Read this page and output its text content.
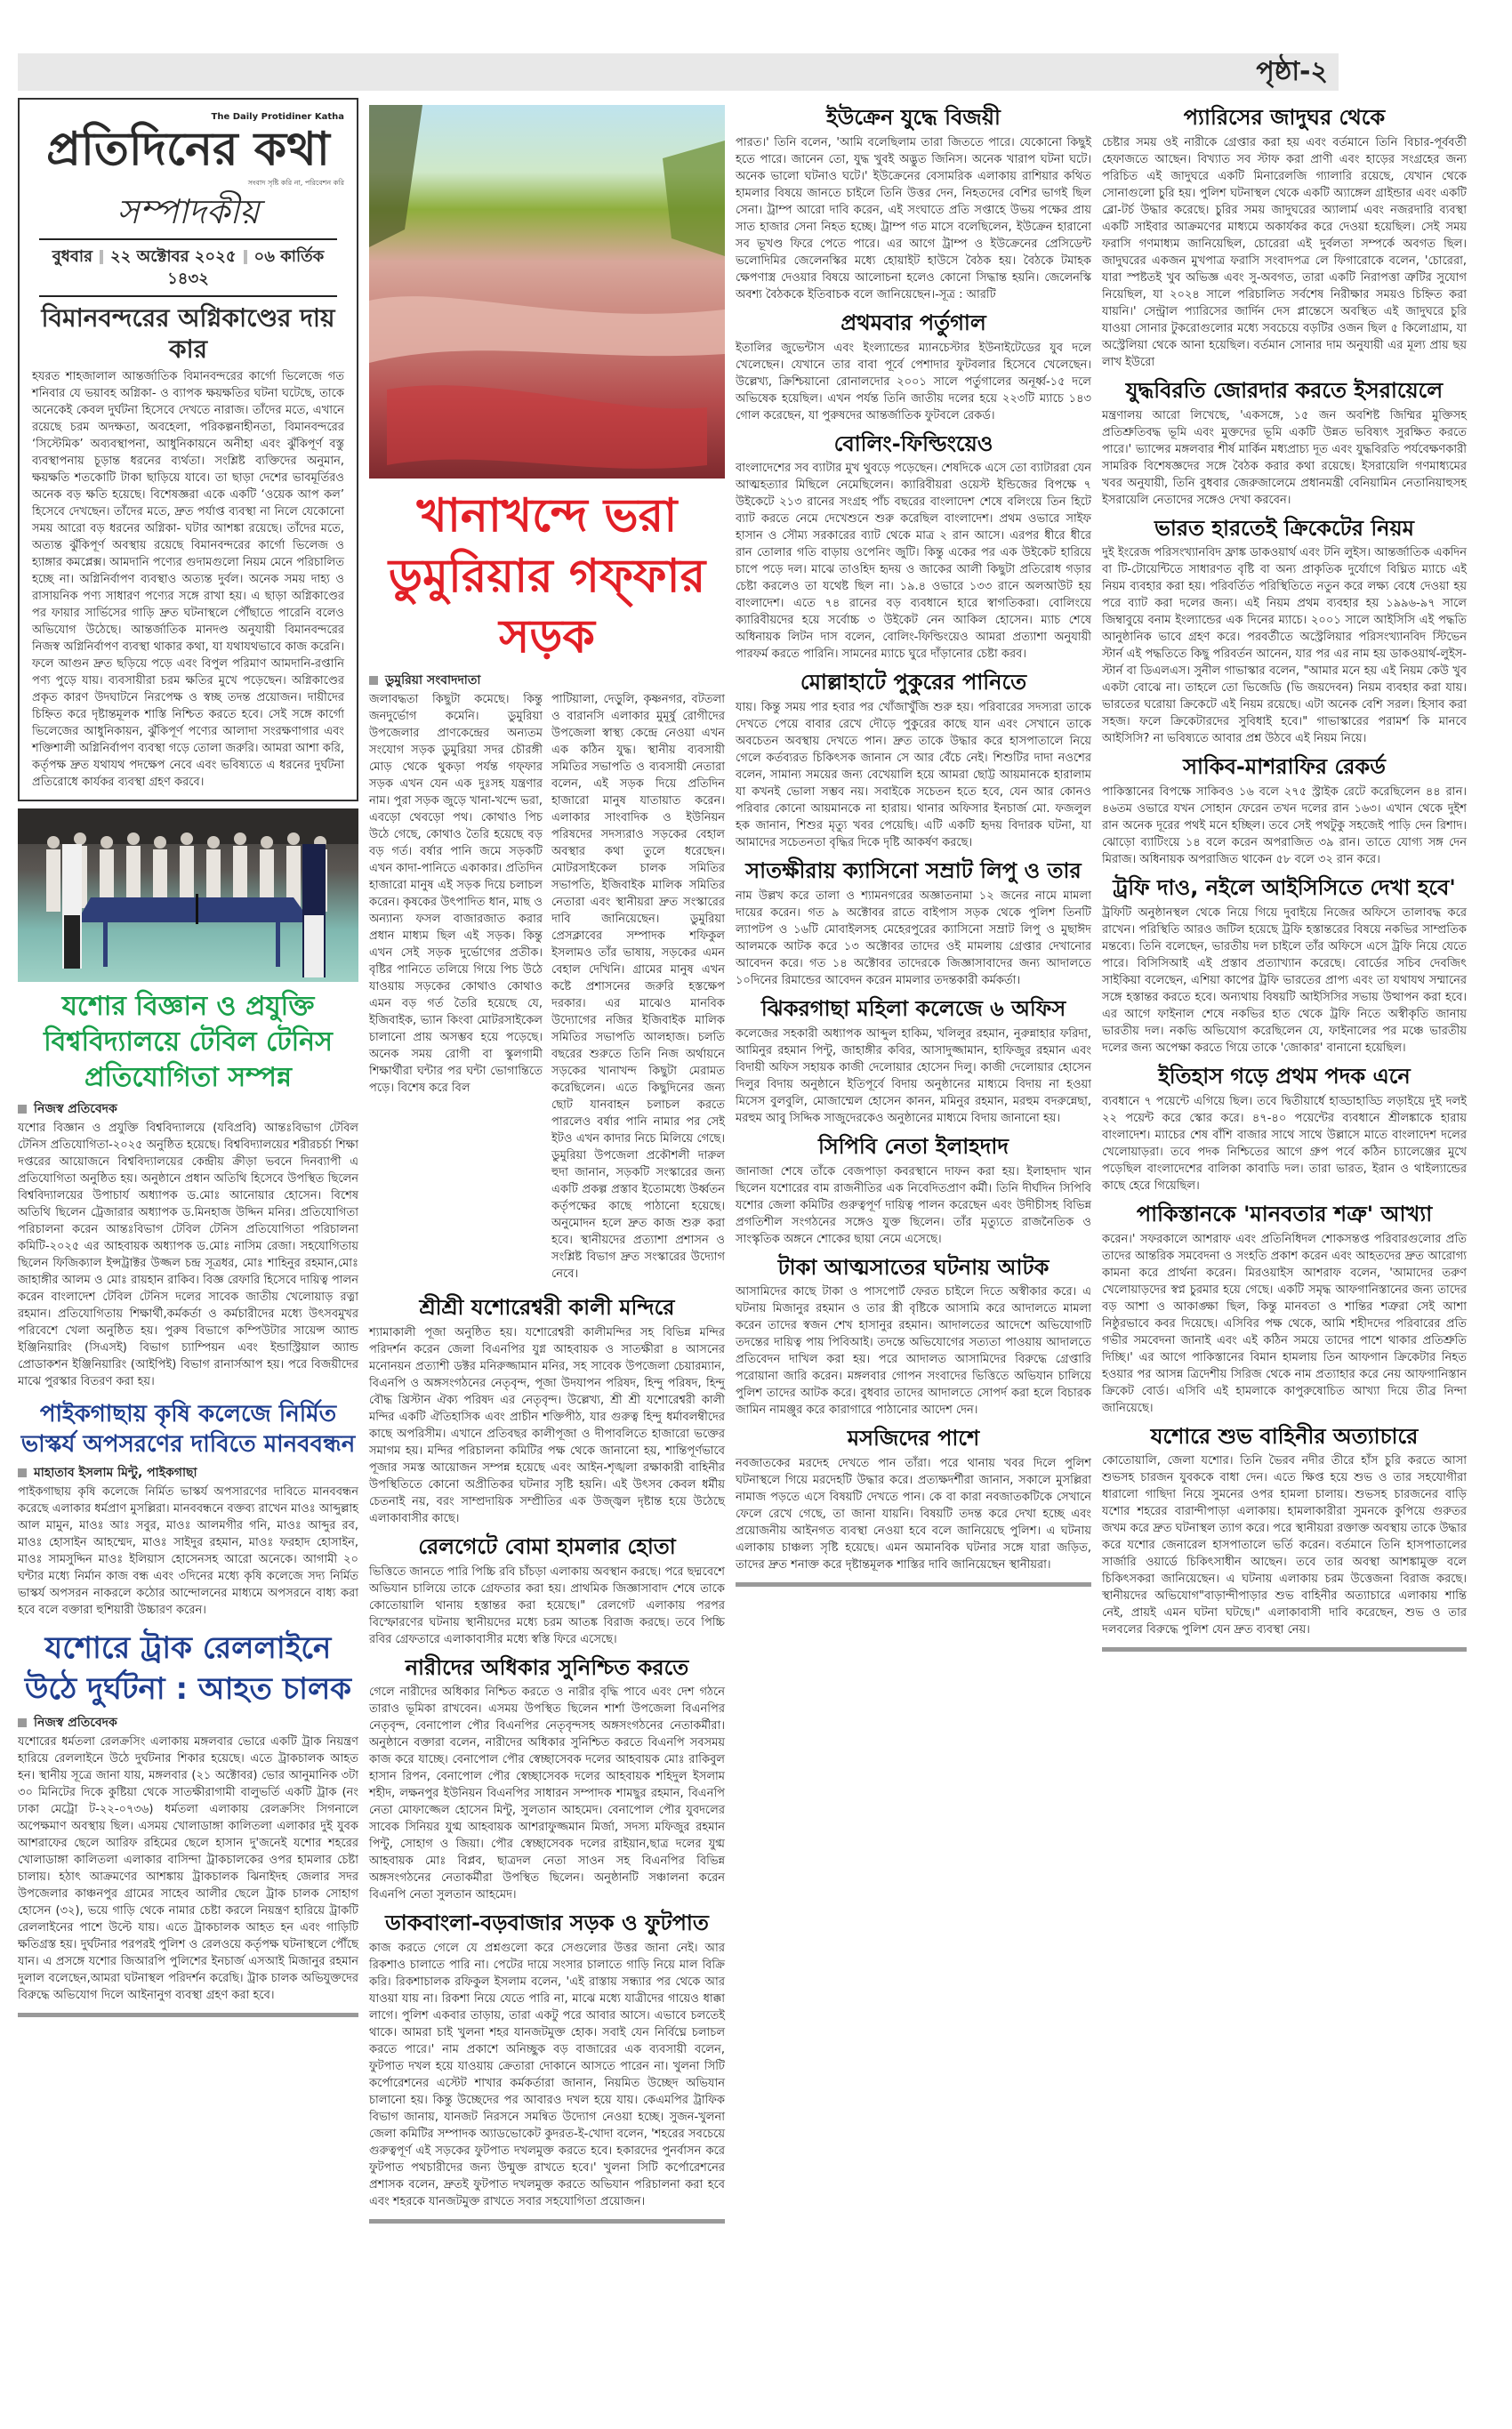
পৃষ্ঠা-২
The Daily Protidiner Katha
প্রতিদিনের কথা
সংবাদ সৃষ্টি করি না, পরিবেশন করি
সম্পাদকীয়
বুধবার ২২ অক্টোবর ২০২৫ ০৬ কার্তিক ১৪৩২
বিমানবন্দরের অগ্নিকাণ্ডের দায় কার
হযরত শাহজালাল আন্তর্জাতিক বিমানবন্দরের কার্গো ভিলেজে গত শনিবার যে ভয়াবহ অগ্নিকা- ও ব্যাপক ক্ষয়ক্ষতির ঘটনা ঘটেছে, তাকে অনেকেই কেবল দুর্ঘটনা হিসেবে দেখতে নারাজ। তাঁদের মতে, এখানে রয়েছে চরম অদক্ষতা, অবহেলা, পরিকল্পনাহীনতা, বিমানবন্দরের ‘সিস্টেমিক’ অব্যবস্থাপনা, আধুনিকায়নে অনীহা এবং ঝুঁকিপূর্ণ বস্তু ব্যবস্থাপনায় চূড়ান্ত ধরনের ব্যর্থতা। সংশ্লিষ্ট ব্যক্তিদের অনুমান, ক্ষয়ক্ষতি শতকোটি টাকা ছাড়িয়ে যাবে। তা ছাড়া দেশের ভাবমূর্তিরও অনেক বড় ক্ষতি হয়েছে। বিশেষজ্ঞরা একে একটি ‘ওয়েক আপ কল’ হিসেবে দেখছেন। তাঁদের মতে, দ্রুত পর্যাপ্ত ব্যবস্থা না নিলে যেকোনো সময় আরো বড় ধরনের অগ্নিকা- ঘটার আশঙ্কা রয়েছে। তাঁদের মতে, অত্যন্ত ঝুঁকিপূর্ণ অবস্থায় রয়েছে বিমানবন্দরের কার্গো ভিলেজ ও হ্যাঙ্গার কমপ্লেক্স। আমদানি পণ্যের গুদামগুলো নিয়ম মেনে পরিচালিত হচ্ছে না। অগ্নিনির্বাপণ ব্যবস্থাও অত্যন্ত দুর্বল। অনেক সময় দাহ্য ও রাসায়নিক পণ্য সাধারণ পণ্যের সঙ্গে রাখা হয়। এ ছাড়া অগ্নিকাণ্ডের পর ফায়ার সার্ভিসের গাড়ি দ্রুত ঘটনাস্থলে পৌঁছাতে পারেনি বলেও অভিযোগ উঠেছে। আন্তর্জাতিক মানদণ্ড অনুযায়ী বিমানবন্দরের নিজস্ব অগ্নিনির্বাপণ ব্যবস্থা থাকার কথা, যা যথাযথভাবে কাজ করেনি। ফলে আগুন দ্রুত ছড়িয়ে পড়ে এবং বিপুল পরিমাণ আমদানি-রপ্তানি পণ্য পুড়ে যায়। ব্যবসায়ীরা চরম ক্ষতির মুখে পড়েছেন। অগ্নিকাণ্ডের প্রকৃত কারণ উদঘাটনে নিরপেক্ষ ও স্বচ্ছ তদন্ত প্রয়োজন। দায়ীদের চিহ্নিত করে দৃষ্টান্তমূলক শাস্তি নিশ্চিত করতে হবে। সেই সঙ্গে কার্গো ভিলেজের আধুনিকায়ন, ঝুঁকিপূর্ণ পণ্যের আলাদা সংরক্ষণাগার এবং শক্তিশালী অগ্নিনির্বাপণ ব্যবস্থা গড়ে তোলা জরুরি। আমরা আশা করি, কর্তৃপক্ষ দ্রুত যথাযথ পদক্ষেপ নেবে এবং ভবিষ্যতে এ ধরনের দুর্ঘটনা প্রতিরোধে কার্যকর ব্যবস্থা গ্রহণ করবে।
যশোর বিজ্ঞান ও প্রযুক্তি বিশ্ববিদ্যালয়ে টেবিল টেনিস প্রতিযোগিতা সম্পন্ন
নিজস্ব প্রতিবেদক

যশোর বিজ্ঞান ও প্রযুক্তি বিশ্ববিদ্যালয়ে (যবিপ্রবি) আন্তঃবিভাগ টেবিল টেনিস প্রতিযোগিতা-২০২৫ অনুষ্ঠিত হয়েছে। বিশ্ববিদ্যালয়ের শরীরচর্চা শিক্ষা দপ্তরের আয়োজনে বিশ্ববিদ্যালয়ের কেন্দ্রীয় ক্রীড়া ভবনে দিনব্যাপী এ প্রতিযোগিতা অনুষ্ঠিত হয়। অনুষ্ঠানে প্রধান অতিথি হিসেবে উপস্থিত ছিলেন বিশ্ববিদ্যালয়ের উপাচার্য অধ্যাপক ড.মোঃ আনোয়ার হোসেন। বিশেষ অতিথি ছিলেন ট্রেজারার অধ্যাপক ড.মিনহাজ উদ্দিন মনির। প্রতিযোগিতা পরিচালনা করেন আন্তঃবিভাগ টেবিল টেনিস প্রতিযোগিতা পরিচালনা কমিটি-২০২৫ এর আহবায়ক অধ্যাপক ড.মোঃ নাসিম রেজা। সহযোগিতায় ছিলেন ফিজিক্যাল ইন্সট্রাক্টর উজ্জল চন্দ্র সূত্রধর, মোঃ শাহিনুর রহমান,মোঃ জাহাঙ্গীর আলম ও মোঃ রায়হান রাকিব। বিজ্ঞ রেফারি হিসেবে দায়িত্ব পালন করেন বাংলাদেশ টেবিল টেনিস দলের সাবেক জাতীয় খেলোয়াড় রত্না রহমান। প্রতিযোগিতায় শিক্ষার্থী,কর্মকর্তা ও কর্মচারীদের মধ্যে উৎসবমুখর পরিবেশে খেলা অনুষ্ঠিত হয়। পুরুষ বিভাগে কম্পিউটার সায়েন্স অ্যান্ড ইঞ্জিনিয়ারিং (সিএসই) বিভাগ চ্যাম্পিয়ন এবং ইন্ডাস্ট্রিয়াল অ্যান্ড প্রোডাকশন ইঞ্জিনিয়ারিং (আইপিই) বিভাগ রানার্সআপ হয়। পরে বিজয়ীদের মাঝে পুরস্কার বিতরণ করা হয়।

পাইকগাছায় কৃষি কলেজে নির্মিত ভাস্কর্য অপসরণের দাবিতে মানববন্ধন
মাহাতাব ইসলাম মিন্টু, পাইকগাছা

পাইকগাছায় কৃষি কলেজে নির্মিত ভাস্কর্য অপসারণের দাবিতে মানববন্ধন করেছে এলাকার ধর্মপ্রাণ মুসল্লিরা। মানববন্ধনে বক্তব্য রাখেন মাওঃ আব্দুল্লাহ আল মামুন, মাওঃ আঃ সবুর, মাওঃ আলমগীর গনি, মাওঃ আব্দুর রব, মাওঃ হোসাইন আহম্মেদ, মাওঃ সাইদুর রহমান, মাওঃ ফরহাদ হোসাইন, মাওঃ সামসুদ্দিন মাওঃ ইলিয়াস হোসেনসহ আরো অনেকে। আগামী ২০ ঘন্টার মধ্যে নির্মান কাজ বন্ধ এবং ৩দিনের মধ্যে কৃষি কলেজে সদ্য নির্মিত ভাস্কর্য অপসরন নাকরলে কঠোর আন্দোলনের মাধ্যমে অপসরনে বাধ্য করা হবে বলে বক্তারা হুশিয়ারী উচ্চারণ করেন।

যশোরে ট্রাক রেললাইনে উঠে দুর্ঘটনা : আহত চালক
নিজস্ব প্রতিবেদক

যশোরের ধর্মতলা রেলক্রসিং এলাকায় মঙ্গলবার ভোরে একটি ট্রাক নিয়ন্ত্রণ হারিয়ে রেললাইনে উঠে দুর্ঘটনার শিকার হয়েছে। এতে ট্রাকচালক আহত হন। স্থানীয় সূত্রে জানা যায়, মঙ্গলবার (২১ অক্টোবর) ভোর আনুমানিক ৩টা ৩০ মিনিটের দিকে কুষ্টিয়া থেকে সাতক্ষীরাগামী বালুভর্তি একটি ট্রাক (নং ঢাকা মেট্রো ট-২২-০৭৩৬) ধর্মতলা এলাকায় রেলক্রসিং সিগনালে অপেক্ষমাণ অবস্থায় ছিল। এসময় খোলাডাঙ্গা কালিতলা এলাকার দুই যুবক আশরাফের ছেলে আরিফ রহিমের ছেলে হাসান দু'জনেই যশোর শহরের খোলাডাঙ্গা কালিতলা এলাকার বাসিন্দা ট্রাকচালকের ওপর হামলার চেষ্টা চালায়। হঠাৎ আক্রমণের আশঙ্কায় ট্রাকচালক ঝিনাইদহ জেলার সদর উপজেলার কাঞ্চনপুর গ্রামের সাহেব আলীর ছেলে ট্রাক চালক সোহাগ হোসেন (৩২), ভয়ে গাড়ি থেকে নামার চেষ্টা করলে নিয়ন্ত্রণ হারিয়ে ট্রাকটি রেললাইনের পাশে উল্টে যায়। এতে ট্রাকচালক আহত হন এবং গাড়িটি ক্ষতিগ্রস্ত হয়। দুর্ঘটনার পরপরই পুলিশ ও রেলওয়ে কর্তৃপক্ষ ঘটনাস্থলে পৌঁছে যান। এ প্রসঙ্গে যশোর জিআরপি পুলিশের ইনচার্জ এসআই মিজানুর রহমান দুলাল বলেছেন,আমরা ঘটনাস্থল পরিদর্শন করেছি। ট্রাক চালক অভিযুক্তদের বিরুদ্ধে অভিযোগ দিলে আইনানুগ ব্যবস্থা গ্রহণ করা হবে।

খানাখন্দে ভরা ডুমুরিয়ার গফ্‌ফার সড়ক
ডুমুরিয়া সংবাদদাতা

জলাবদ্ধতা কিছুটা কমেছে। কিন্তু জনদুর্ভোগ কমেনি। ডুমুরিয়া উপজেলার প্রাণকেন্দ্রের অন্যতম সংযোগ সড়ক ডুমুরিয়া সদর চৌরঙ্গী মোড় থেকে থুকড়া পর্যন্ত গফ্ফার সড়ক এখন যেন এক দুঃসহ যন্ত্রণার নাম। পুরা সড়ক জুড়ে খানা-খন্দে ভরা, এবড়ো থেবড়ো পথ। কোথাও পিচ উঠে গেছে, কোথাও তৈরি হয়েছে বড় বড় গর্ত। বর্ষার পানি জমে সড়কটি এখন কাদা-পানিতে একাকার। প্রতিদিন হাজারো মানুষ এই সড়ক দিয়ে চলাচল করেন। কৃষকের উৎপাদিত ধান, মাছ ও অন্যান্য ফসল বাজারজাত করার প্রধান মাধ্যম ছিল এই সড়ক। কিন্তু এখন সেই সড়ক দুর্ভোগের প্রতীক। বৃষ্টির পানিতে তলিয়ে গিয়ে পিচ উঠে যাওয়ায় সড়কের কোথাও কোথাও এমন বড় গর্ত তৈরি হয়েছে যে, ইজিবাইক, ভ্যান কিংবা মোটরসাইকেল চালানো প্রায় অসম্ভব হয়ে পড়েছে। অনেক সময় রোগী বা স্কুলগামী শিক্ষার্থীরা ঘন্টার পর ঘন্টা ভোগান্তিতে পড়ে। বিশেষ করে বিল

পাটিয়ালা, দেড়ুলি, কৃষ্ণনগর, বটতলা ও বারানসি এলাকার মুমূর্ষু রোগীদের উপজেলা স্বাস্থ্য কেন্দ্রে নেওয়া এখন এক কঠিন যুদ্ধ। স্থানীয় ব্যবসায়ী সমিতির সভাপতি ও ব্যবসায়ী নেতারা বলেন, এই সড়ক দিয়ে প্রতিদিন হাজারো মানুষ যাতায়াত করেন। এলাকার সাংবাদিক ও ইউনিয়ন পরিষদের সদস্যরাও সড়কের বেহাল অবস্থার কথা তুলে ধরেছেন। মোটরসাইকেল চালক সমিতির সভাপতি, ইজিবাইক মালিক সমিতির নেতারা এবং স্থানীয়রা দ্রুত সংস্কারের দাবি জানিয়েছেন। ডুমুরিয়া প্রেসক্লাবের সম্পাদক শফিকুল ইসলামও তাঁর ভাষায়, সড়কের এমন বেহাল দেখিনি। গ্রামের মানুষ এখন কষ্টে প্রশাসনের জরুরি হস্তক্ষেপ দরকার। এর মাঝেও মানবিক উদ্যোগের নজির ইজিবাইক মালিক সমিতির সভাপতি আলহাজ। চলতি বছরের শুরুতে তিনি নিজ অর্থায়নে সড়কের খানাখন্দ কিছুটা মেরামত করেছিলেন। এতে কিছুদিনের জন্য ছোট যানবাহন চলাচল করতে পারলেও বর্ষার পানি নামার পর সেই ইটও এখন কাদার নিচে মিলিয়ে গেছে। ডুমুরিয়া উপজেলা প্রকৌশলী দারুল হুদা জানান, সড়কটি সংস্কারের জন্য একটি প্রকল্প প্রস্তাব ইতোমধ্যে উর্ধ্বতন কর্তৃপক্ষের কাছে পাঠানো হয়েছে। অনুমোদন হলে দ্রুত কাজ শুরু করা হবে। স্থানীয়দের প্রত্যাশা প্রশাসন ও সংশ্লিষ্ট বিভাগ দ্রুত সংস্কারের উদ্যোগ নেবে।

শ্রীশ্রী যশোরেশ্বরী কালী মন্দিরে

শ্যামাকালী পূজা অনুষ্ঠিত হয়। যশোরেশ্বরী কালীমন্দির সহ বিভিন্ন মন্দির পরিদর্শন করেন জেলা বিএনপির যুগ্ন আহবায়ক ও সাতক্ষীরা ৪ আসনের মনোনয়ন প্রত্যাশী ডক্টর মনিরুজ্জামান মনির, সহ সাবেক উপজেলা চেয়ারম্যান, বিএনপি ও অঙ্গসংগঠনের নেতৃবৃন্দ, পূজা উদযাপন পরিষদ, হিন্দু পরিষদ, হিন্দু বৌদ্ধ খ্রিস্টান ঐক্য পরিষদ এর নেতৃবৃন্দ। উল্লেখ্য, শ্রী শ্রী যশোরেশ্বরী কালী মন্দির একটি ঐতিহাসিক এবং প্রাচীন শক্তিপীঠ, যার গুরুত্ব হিন্দু ধর্মাবলম্বীদের কাছে অপরিসীম। এখানে প্রতিবছর কালীপূজা ও দীপাবলিতে হাজারো ভক্তের সমাগম হয়। মন্দির পরিচালনা কমিটির পক্ষ থেকে জানানো হয়, শান্তিপূর্ণভাবে পূজার সমস্ত আয়োজন সম্পন্ন হয়েছে এবং আইন-শৃঙ্খলা রক্ষাকারী বাহিনীর উপস্থিতিতে কোনো অপ্রীতিকর ঘটনার সৃষ্টি হয়নি। এই উৎসব কেবল ধর্মীয় চেতনাই নয়, বরং সাম্প্রদায়িক সম্প্রীতির এক উজ্জ্বল দৃষ্টান্ত হয়ে উঠেছে এলাকাবাসীর কাছে।

রেলগেটে বোমা হামলার হোতা

ভিত্তিতে জানতে পারি পিচ্চি রবি চাঁচড়া এলাকায় অবস্থান করছে। পরে ছদ্মবেশে অভিযান চালিয়ে তাকে গ্রেফতার করা হয়। প্রাথমিক জিজ্ঞাসাবাদ শেষে তাকে কোতোয়ালি থানায় হস্তান্তর করা হয়েছে।" রেলগেট এলাকায় পরপর বিস্ফোরণের ঘটনায় স্থানীয়দের মধ্যে চরম আতঙ্ক বিরাজ করছে। তবে পিচ্চি রবির গ্রেফতারে এলাকাবাসীর মধ্যে স্বস্তি ফিরে এসেছে।

নারীদের অধিকার সুনিশ্চিত করতে

গেলে নারীদের অধিকার নিশ্চিত করতে ও নারীর বৃদ্ধি পাবে এবং দেশ গঠনে তারাও ভূমিকা রাখবেন। এসময় উপস্থিত ছিলেন শার্শা উপজেলা বিএনপির নেতৃবৃন্দ, বেনাপোল পৌর বিএনপির নেতৃবৃন্দসহ অঙ্গসংগঠনের নেতাকর্মীরা। অনুষ্ঠানে বক্তারা বলেন, নারীদের অধিকার সুনিশ্চিত করতে বিএনপি সবসময় কাজ করে যাচ্ছে। বেনাপোল পৌর স্বেচ্ছাসেবক দলের আহবায়ক মোঃ রাকিবুল হাসান রিপন, বেনাপোল পৌর স্বেচ্ছাসেবক দলের আহবায়ক শহিদুল ইসলাম শহীদ, লক্ষনপুর ইউনিয়ন বিএনপির সাধারন সম্পাদক শামছুর রহমান, বিএনপি নেতা মোফাজ্জেল হোসেন মিন্টু, সুলতান আহমেদ। বেনাপোল পৌর যুবদলের সাবেক সিনিয়র যুগ্ম আহবায়ক আশরাফুজ্জমান মির্জা, সদস্য মফিজুর রহমান পিন্টু, সোহাগ ও জিয়া। পৌর স্বেচ্ছাসেবক দলের রাইয়ান,ছাত্র দলের যুগ্ম আহবায়ক মোঃ বিপ্লব, ছাত্রদল নেতা সাওন সহ বিএনপির বিভিন্ন অঙ্গসংগঠনের নেতাকর্মীরা উপস্থিত ছিলেন। অনুষ্ঠানটি সঞ্চালনা করেন বিএনপি নেতা সুলতান আহমেদ।

ডাকবাংলা-বড়বাজার সড়ক ও ফুটপাত

কাজ করতে গেলে যে প্রশ্নগুলো করে সেগুলোর উত্তর জানা নেই। আর রিকশাও চালাতে পারি না। পেটের দায়ে সংসার চালাতে গাড়ি নিয়ে মাল বিক্রি করি। রিকশাচালক রফিকুল ইসলাম বলেন, 'এই রাস্তায় সন্ধ্যার পর থেকে আর যাওয়া যায় না। রিকশা নিয়ে যেতে পারি না, মাঝে মধ্যে যাত্রীদের গায়েও ধাক্কা লাগে। পুলিশ একবার তাড়ায়, তারা একটু পরে আবার আসে। এভাবে চলতেই থাকে। আমরা চাই খুলনা শহর যানজটমুক্ত হোক। সবাই যেন নির্বিঘ্নে চলাচল করতে পারে।' নাম প্রকাশে অনিচ্ছুক বড় বাজারের এক ব্যবসায়ী বলেন, ফুটপাত দখল হয়ে যাওয়ায় ক্রেতারা দোকানে আসতে পারেন না। খুলনা সিটি কর্পোরেশনের এস্টেট শাখার কর্মকর্তারা জানান, নিয়মিত উচ্ছেদ অভিযান চালানো হয়। কিন্তু উচ্ছেদের পর আবারও দখল হয়ে যায়। কেএমপির ট্রাফিক বিভাগ জানায়, যানজট নিরসনে সমন্বিত উদ্যোগ নেওয়া হচ্ছে। সুজন-খুলনা জেলা কমিটির সম্পাদক অ্যাডভোকেট কুদরত-ই-খোদা বলেন, 'শহরের সবচেয়ে গুরুত্বপূর্ণ এই সড়কের ফুটপাত দখলমুক্ত করতে হবে। হকারদের পুনর্বাসন করে ফুটপাত পথচারীদের জন্য উন্মুক্ত রাখতে হবে।' খুলনা সিটি কর্পোরেশনের প্রশাসক বলেন, দ্রুতই ফুটপাত দখলমুক্ত করতে অভিযান পরিচালনা করা হবে এবং শহরকে যানজটমুক্ত রাখতে সবার সহযোগিতা প্রয়োজন।

ইউক্রেন যুদ্ধে বিজয়ী

পারত।' তিনি বলেন, 'আমি বলেছিলাম তারা জিততে পারে। যেকোনো কিছুই হতে পারে। জানেন তো, যুদ্ধ খুবই অদ্ভুত জিনিস। অনেক খারাপ ঘটনা ঘটে। অনেক ভালো ঘটনাও ঘটে।' ইউক্রেনের বেসামরিক এলাকায় রাশিয়ার কথিত হামলার বিষয়ে জানতে চাইলে তিনি উত্তর দেন, নিহতদের বেশির ভাগই ছিল সেনা। ট্রাম্প আরো দাবি করেন, এই সংঘাতে প্রতি সপ্তাহে উভয় পক্ষের প্রায় সাত হাজার সেনা নিহত হচ্ছে। ট্রাম্প গত মাসে বলেছিলেন, ইউক্রেন হারানো সব ভূখণ্ড ফিরে পেতে পারে। এর আগে ট্রাম্প ও ইউক্রেনের প্রেসিডেন্ট ভলোদিমির জেলেনস্কির মধ্যে হোয়াইট হাউসে বৈঠক হয়। বৈঠকে টমাহক ক্ষেপণাস্ত্র দেওয়ার বিষয়ে আলোচনা হলেও কোনো সিদ্ধান্ত হয়নি। জেলেনস্কি অবশ্য বৈঠককে ইতিবাচক বলে জানিয়েছেন।-সূত্র : আরটি

প্রথমবার পর্তুগাল

ইতালির জুভেন্টাস এবং ইংল্যান্ডের ম্যানচেস্টার ইউনাইটেডের যুব দলে খেলেছেন। যেখানে তার বাবা পূর্বে পেশাদার ফুটবলার হিসেবে খেলেছেন। উল্লেখ্য, ক্রিশ্চিয়ানো রোনালদোর ২০০১ সালে পর্তুগালের অনূর্ধ্ব-১৫ দলে অভিষেক হয়েছিল। এখন পর্যন্ত তিনি জাতীয় দলের হয়ে ২২৩টি ম্যাচে ১৪৩ গোল করেছেন, যা পুরুষদের আন্তর্জাতিক ফুটবলে রেকর্ড।

বোলিং-ফিল্ডিংয়েও

বাংলাদেশের সব ব্যাটার মুখ থুবড়ে পড়েছেন। শেষদিকে এসে তো ব্যাটাররা যেন আত্মহত্যার মিছিলে নেমেছিলেন। ক্যারিবীয়রা ওয়েস্ট ইন্ডিজের বিপক্ষে ৭ উইকেটে ২১৩ রানের সংগ্রহ পাঁচ বছরের বাংলাদেশ শেষে বলিংয়ে তিন হিটে ব্যাট করতে নেমে দেখেশুনে শুরু করেছিল বাংলাদেশ। প্রথম ওভারে সাইফ হাসান ও সৌম্য সরকারের ব্যাট থেকে মাত্র ২ রান আসে। এরপর ধীরে ধীরে রান তোলার গতি বাড়ায় ওপেনিং জুটি। কিন্তু একের পর এক উইকেট হারিয়ে চাপে পড়ে দল। মাঝে তাওহিদ হৃদয় ও জাকের আলী কিছুটা প্রতিরোধ গড়ার চেষ্টা করলেও তা যথেষ্ট ছিল না। ১৯.৪ ওভারে ১৩৩ রানে অলআউট হয় বাংলাদেশ। এতে ৭৪ রানের বড় ব্যবধানে হারে স্বাগতিকরা। বোলিংয়ে ক্যারিবীয়দের হয়ে সর্বোচ্চ ৩ উইকেট নেন আকিল হোসেন। ম্যাচ শেষে অধিনায়ক লিটন দাস বলেন, বোলিং-ফিল্ডিংয়েও আমরা প্রত্যাশা অনুযায়ী পারফর্ম করতে পারিনি। সামনের ম্যাচে ঘুরে দাঁড়ানোর চেষ্টা করব।

মোল্লাহাটে পুকুরের পানিতে

যায়। কিন্তু সময় পার হবার পর খোঁজাখুঁজি শুরু হয়। পরিবারের সদস্যরা তাকে দেখতে পেয়ে বাবার রেখে দৌড়ে পুকুরের কাছে যান এবং সেখানে তাকে অবচেতন অবস্থায় দেখতে পান। দ্রুত তাকে উদ্ধার করে হাসপাতালে নিয়ে গেলে কর্তব্যরত চিকিৎসক জানান সে আর বেঁচে নেই। শিশুটির দাদা নওশের বলেন, সামান্য সময়ের জন্য বেখেয়ালি হয়ে আমরা ছোট্ট আয়মানকে হারালাম যা কখনই ভোলা সম্ভব নয়। সবাইকে সচেতন হতে হবে, যেন আর কোনও পরিবার কোনো আয়মানকে না হারায়। থানার অফিসার ইনচার্জ মো. ফজলুল হক জানান, শিশুর মৃত্যু খবর পেয়েছি। এটি একটি হৃদয় বিদারক ঘটনা, যা আমাদের সচেতনতা বৃদ্ধির দিকে দৃষ্টি আকর্ষণ করছে।

সাতক্ষীরায় ক্যাসিনো সম্রাট লিপু ও তার

নাম উল্লখ করে তালা ও শ্যামনগরের অজ্ঞাতনামা ১২ জনের নামে মামলা দায়ের করেন। গত ৯ অক্টোবর রাতে বাইপাস সড়ক থেকে পুলিশ তিনটি ল্যাপটপ ও ১৬টি মোবাইলসহ মেহেরপুরের ক্যাসিনো সম্রাট লিপু ও মুছাঈদ আলমকে আটক করে ১৩ অক্টোবর তাদের ওই মামলায় গ্রেপ্তার দেখানোর আবেদন করে। গত ১৪ অক্টোবর তাদেরকে জিজ্ঞাসাবাদের জন্য আদালতে ১০দিনের রিমান্ডের আবেদন করেন মামলার তদন্তকারী কর্মকর্তা।

ঝিকরগাছা মহিলা কলেজে ৬ অফিস

কলেজের সহকারী অধ্যাপক আব্দুল হাকিম, খলিলুর রহমান, নুরুন্নাহার ফরিদা, আমিনুর রহমান পিন্টু, জাহাঙ্গীর কবির, আসাদুজ্জামান, হাফিজুর রহমান এবং বিদায়ী অফিস সহায়ক কাজী দেলোয়ার হোসেন দিলু। কাজী দেলোয়ার হোসেন দিলুর বিদায় অনুষ্ঠানে ইতিপূর্বে বিদায় অনুষ্ঠানের মাধ্যমে বিদায় না হওয়া মিসেস বুলবুলি, মোজাম্মেল হোসেন কানন, মমিনুর রহমান, মরহুম বদরুন্নেছা, মরহুম আবু সিদ্দিক সাজুদেরকেও অনুষ্ঠানের মাধ্যমে বিদায় জানানো হয়।

সিপিবি নেতা ইলাহদাদ

জানাজা শেষে তাঁকে বেজপাড়া কবরস্থানে দাফন করা হয়। ইলাহদাদ খান ছিলেন যশোরের বাম রাজনীতির এক নিবেদিতপ্রাণ কর্মী। তিনি দীর্ঘদিন সিপিবি যশোর জেলা কমিটির গুরুত্বপূর্ণ দায়িত্ব পালন করেছেন এবং উদীচীসহ বিভিন্ন প্রগতিশীল সংগঠনের সঙ্গেও যুক্ত ছিলেন। তাঁর মৃত্যুতে রাজনৈতিক ও সাংস্কৃতিক অঙ্গনে শোকের ছায়া নেমে এসেছে।

টাকা আত্মসাতের ঘটনায় আটক

আসামিদের কাছে টাকা ও পাসপোর্ট ফেরত চাইলে দিতে অস্বীকার করে। এ ঘটনায় মিজানুর রহমান ও তার স্ত্রী বৃষ্টিকে আসামি করে আদালতে মামলা করেন তাদের স্বজন শেখ হাসানুর রহমান। আদালতের আদেশে অভিযোগটি তদন্তের দায়িত্ব পায় পিবিআই। তদন্তে অভিযোগের সত্যতা পাওয়ায় আদালতে প্রতিবেদন দাখিল করা হয়। পরে আদালত আসামিদের বিরুদ্ধে গ্রেপ্তারি পরোয়ানা জারি করেন। মঙ্গলবার গোপন সংবাদের ভিত্তিতে অভিযান চালিয়ে পুলিশ তাদের আটক করে। বুধবার তাদের আদালতে সোপর্দ করা হলে বিচারক জামিন নামঞ্জুর করে কারাগারে পাঠানোর আদেশ দেন।

মসজিদের পাশে

নবজাতকের মরদেহ দেখতে পান তাঁরা। পরে থানায় খবর দিলে পুলিশ ঘটনাস্থলে গিয়ে মরদেহটি উদ্ধার করে। প্রত্যক্ষদর্শীরা জানান, সকালে মুসল্লিরা নামাজ পড়তে এসে বিষয়টি দেখতে পান। কে বা কারা নবজাতকটিকে সেখানে ফেলে রেখে গেছে, তা জানা যায়নি। বিষয়টি তদন্ত করে দেখা হচ্ছে এবং প্রয়োজনীয় আইনগত ব্যবস্থা নেওয়া হবে বলে জানিয়েছে পুলিশ। এ ঘটনায় এলাকায় চাঞ্চল্য সৃষ্টি হয়েছে। এমন অমানবিক ঘটনার সঙ্গে যারা জড়িত, তাদের দ্রুত শনাক্ত করে দৃষ্টান্তমূলক শাস্তির দাবি জানিয়েছেন স্থানীয়রা।

প্যারিসের জাদুঘর থেকে

চেষ্টার সময় ওই নারীকে গ্রেপ্তার করা হয় এবং বর্তমানে তিনি বিচার-পূর্ববর্তী হেফাজতে আছেন। বিখ্যাত সব স্টাফ করা প্রাণী এবং হাড়ের সংগ্রহের জন্য পরিচিত এই জাদুঘরে একটি মিনারেলজি গ্যালারি রয়েছে, যেখান থেকে সোনাগুলো চুরি হয়। পুলিশ ঘটনাস্থল থেকে একটি অ্যাঙ্গেল গ্রাইন্ডার এবং একটি ব্লো-টর্চ উদ্ধার করেছে। চুরির সময় জাদুঘরের অ্যালার্ম এবং নজরদারি ব্যবস্থা একটি সাইবার আক্রমণের মাধ্যমে অকার্যকর করে দেওয়া হয়েছিল। সেই সময় ফরাসি গণমাধ্যম জানিয়েছিল, চোরেরা এই দুর্বলতা সম্পর্কে অবগত ছিল। জাদুঘরের একজন মুখপাত্র ফরাসি সংবাদপত্র লে ফিগারোকে বলেন, 'চোরেরা, যারা স্পষ্টতই খুব অভিজ্ঞ এবং সু-অবগত, তারা একটি নিরাপত্তা ত্রুটির সুযোগ নিয়েছিল, যা ২০২৪ সালে পরিচালিত সর্বশেষ নিরীক্ষার সময়ও চিহ্নিত করা যায়নি।' সেন্ট্রাল প্যারিসের জার্দিন দেস প্লান্তেসে অবস্থিত এই জাদুঘরে চুরি যাওয়া সোনার টুকরোগুলোর মধ্যে সবচেয়ে বড়টির ওজন ছিল ৫ কিলোগ্রাম, যা অস্ট্রেলিয়া থেকে আনা হয়েছিল। বর্তমান সোনার দাম অনুযায়ী এর মূল্য প্রায় ছয় লাখ ইউরো

যুদ্ধবিরতি জোরদার করতে ইসরায়েলে

মন্ত্রণালয় আরো লিখেছে, 'একসঙ্গে, ১৫ জন অবশিষ্ট জিম্মির মুক্তিসহ প্রতিশ্রুতিবদ্ধ ভূমি এবং মুক্তদের ভূমি একটি উন্নত ভবিষ্যৎ সুরক্ষিত করতে পারে।' ভ্যান্সের মঙ্গলবার শীর্ষ মার্কিন মধ্যপ্রাচ্য দূত এবং যুদ্ধবিরতি পর্যবেক্ষণকারী সামরিক বিশেষজ্ঞদের সঙ্গে বৈঠক করার কথা রয়েছে। ইসরায়েলি গণমাধ্যমের খবর অনুযায়ী, তিনি বুধবার জেরুজালেমে প্রধানমন্ত্রী বেনিয়ামিন নেতানিয়াহুসহ ইসরায়েলি নেতাদের সঙ্গেও দেখা করবেন।

ভারত হারতেই ক্রিকেটের নিয়ম

দুই ইংরেজ পরিসংখ্যানবিদ ফ্রাঙ্ক ডাকওয়ার্থ এবং টনি লুইস। আন্তর্জাতিক একদিন বা টি-টোয়েন্টিতে সাধারণত বৃষ্টি বা অন্য প্রাকৃতিক দুর্যোগে বিঘ্নিত ম্যাচে এই নিয়ম ব্যবহার করা হয়। পরিবর্তিত পরিস্থিতিতে নতুন করে লক্ষ্য বেধে দেওয়া হয় পরে ব্যাট করা দলের জন্য। এই নিয়ম প্রথম ব্যবহার হয় ১৯৯৬-৯৭ সালে জিম্বাবুয়ে বনাম ইংল্যান্ডের এক দিনের ম্যাচে। ২০০১ সালে আইসিসি এই পদ্ধতি আনুষ্ঠানিক ভাবে গ্রহণ করে। পরবর্তীতে অস্ট্রেলিয়ার পরিসংখ্যানবিদ স্টিভেন স্টার্ন এই পদ্ধতিতে কিছু পরিবর্তন আনেন, যার পর এর নাম হয় ডাকওয়ার্থ-লুইস-স্টার্ন বা ডিএলএস। সুনীল গাভাস্কার বলেন, "আমার মনে হয় এই নিয়ম কেউ খুব একটা বোঝে না। তাহলে তো ভিজেডি (ভি জয়দেবন) নিয়ম ব্যবহার করা যায়। ভারতের ঘরোয়া ক্রিকেটে এই নিয়ম রয়েছে। এটা অনেক বেশি সরল। হিসাব করা সহজ। ফলে ক্রিকেটারদের সুবিধাই হবে।" গাভাস্কারের পরামর্শ কি মানবে আইসিসি? না ভবিষ্যতে আবার প্রশ্ন উঠবে এই নিয়ম নিয়ে।

সাকিব-মাশরাফির রেকর্ড

পাকিস্তানের বিপক্ষে সাকিবও ১৬ বলে ২৭৫ স্ট্রাইক রেটে করেছিলেন ৪৪ রান। ৪৬তম ওভারে যখন সোহান ফেরেন তখন দলের রান ১৬৩। এখান থেকে দুইশ রান অনেক দূরের পথই মনে হচ্ছিল। তবে সেই পথটুকু সহজেই পাড়ি দেন রিশাদ। ঝোড়ো ব্যাটিংয়ে ১৪ বলে করেন অপরাজিত ৩৯ রান। তাতে যোগ্য সঙ্গ দেন মিরাজ। অধিনায়ক অপরাজিত থাকেন ৫৮ বলে ৩২ রান করে।

ট্রফি দাও, নইলে আইসিসিতে দেখা হবে'

ট্রফিটি অনুষ্ঠানস্থল থেকে নিয়ে গিয়ে দুবাইয়ে নিজের অফিসে তালাবদ্ধ করে রাখেন। পরিস্থিতি আরও জটিল হয়েছে ট্রফি হস্তান্তরের বিষয়ে নকভির সাম্প্রতিক মন্তব্যে। তিনি বলেছেন, ভারতীয় দল চাইলে তাঁর অফিসে এসে ট্রফি নিয়ে যেতে পারে। বিসিসিআই এই প্রস্তাব প্রত্যাখ্যান করেছে। বোর্ডের সচিব দেবজিৎ সাইকিয়া বলেছেন, এশিয়া কাপের ট্রফি ভারতের প্রাপ্য এবং তা যথাযথ সম্মানের সঙ্গে হস্তান্তর করতে হবে। অন্যথায় বিষয়টি আইসিসির সভায় উত্থাপন করা হবে। এর আগে ফাইনাল শেষে নকভির হাত থেকে ট্রফি নিতে অস্বীকৃতি জানায় ভারতীয় দল। নকভি অভিযোগ করেছিলেন যে, ফাইনালের পর মঞ্চে ভারতীয় দলের জন্য অপেক্ষা করতে গিয়ে তাকে 'জোকার' বানানো হয়েছিল।

ইতিহাস গড়ে প্রথম পদক এনে

ব্যবধানে ৭ পয়েন্টে এগিয়ে ছিল। তবে দ্বিতীয়ার্ধে হাড্ডাহাড্ডি লড়াইয়ে দুই দলই ২২ পয়েন্ট করে স্কোর করে। ৪৭-৪০ পয়েন্টের ব্যবধানে শ্রীলঙ্কাকে হারায় বাংলাদেশ। ম্যাচের শেষ বাঁশি বাজার সাথে সাথে উল্লাসে মাতে বাংলাদেশ দলের খেলোয়াড়রা। তবে পদক নিশ্চিতের আগে গ্রুপ পর্বে কঠিন চ্যালেঞ্জের মুখে পড়েছিল বাংলাদেশের বালিকা কাবাডি দল। তারা ভারত, ইরান ও থাইল্যান্ডের কাছে হেরে গিয়েছিল।

পাকিস্তানকে 'মানবতার শত্রু' আখ্যা

করেন।' সফরকালে আশরাফ এবং প্রতিনিধিদল শোকসন্তপ্ত পরিবারগুলোর প্রতি তাদের আন্তরিক সমবেদনা ও সংহতি প্রকাশ করেন এবং আহতদের দ্রুত আরোগ্য কামনা করে প্রার্থনা করেন। মিরওয়াইস আশরাফ বলেন, 'আমাদের তরুণ খেলোয়াড়দের স্বপ্ন চুরমার হয়ে গেছে। একটি সমৃদ্ধ আফগানিস্তানের জন্য তাদের বড় আশা ও আকাঙ্ক্ষা ছিল, কিন্তু মানবতা ও শান্তির শত্রুরা সেই আশা নিষ্ঠুরভাবে কবর দিয়েছে। এসিবির পক্ষ থেকে, আমি শহীদদের পরিবারের প্রতি গভীর সমবেদনা জানাই এবং এই কঠিন সময়ে তাদের পাশে থাকার প্রতিশ্রুতি দিচ্ছি।' এর আগে পাকিস্তানের বিমান হামলায় তিন আফগান ক্রিকেটার নিহত হওয়ার পর আসন্ন ত্রিদেশীয় সিরিজ থেকে নাম প্রত্যাহার করে নেয় আফগানিস্তান ক্রিকেট বোর্ড। এসিবি এই হামলাকে কাপুরুষোচিত আখ্যা দিয়ে তীব্র নিন্দা জানিয়েছে।

যশোরে শুভ বাহিনীর অত্যাচারে

কোতোয়ালি, জেলা যশোর। তিনি ভৈরব নদীর তীরে হাঁস চুরি করতে আসা শুভসহ চারজন যুবককে বাধা দেন। এতে ক্ষিপ্ত হয়ে শুভ ও তার সহযোগীরা ধারালো গাছিদা নিয়ে সুমনের ওপর হামলা চালায়। শুভসহ চারজনের বাড়ি যশোর শহরের বারান্দীপাড়া এলাকায়। হামলাকারীরা সুমনকে কুপিয়ে গুরুতর জখম করে দ্রুত ঘটনাস্থল ত্যাগ করে। পরে স্থানীয়রা রক্তাক্ত অবস্থায় তাকে উদ্ধার করে যশোর জেনারেল হাসপাতালে ভর্তি করেন। বর্তমানে তিনি হাসপাতালের সার্জারি ওয়ার্ডে চিকিৎসাধীন আছেন। তবে তার অবস্থা আশঙ্কামুক্ত বলে চিকিৎসকরা জানিয়েছেন। এ ঘটনায় এলাকায় চরম উত্তেজনা বিরাজ করছে। স্থানীয়দের অভিযোগ"বাড়ান্দীপাড়ার শুভ বাহিনীর অত্যাচারে এলাকায় শান্তি নেই, প্রায়ই এমন ঘটনা ঘটছে।" এলাকাবাসী দাবি করেছেন, শুভ ও তার দলবলের বিরুদ্ধে পুলিশ যেন দ্রুত ব্যবস্থা নেয়।
